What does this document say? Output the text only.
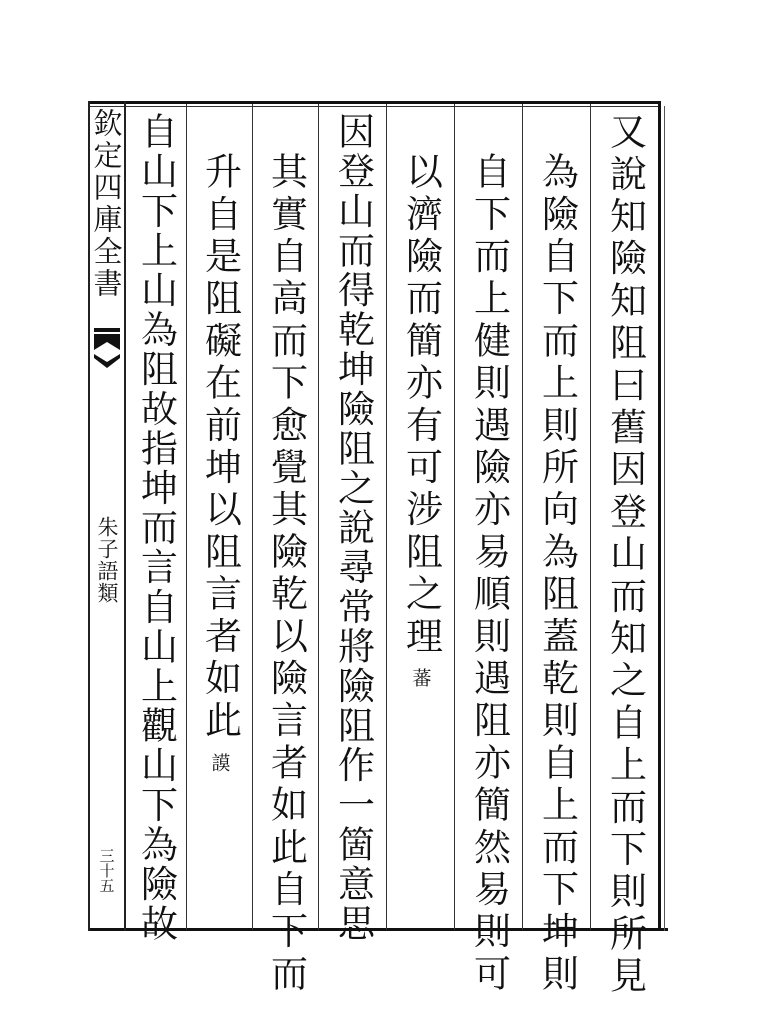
欽定四庫全書
朱子語類
三十五	又說知險知阻曰舊因登山而知之自上而下則所見
為險自下而上則所向為阻蓋乾則自上而下坤則
自下而上健則遇險亦易順則遇阻亦簡然易則可
以濟險而簡亦有可涉阻之理蕃
因登山而得乾坤險阻之說尋常將險阻作一箇意思
其實自高而下愈覺其險乾以險言者如此自下而
升自是阻礙在前坤以阻言者如此謨
自山下上山為阻故指坤而言自山上觀山下為險故
